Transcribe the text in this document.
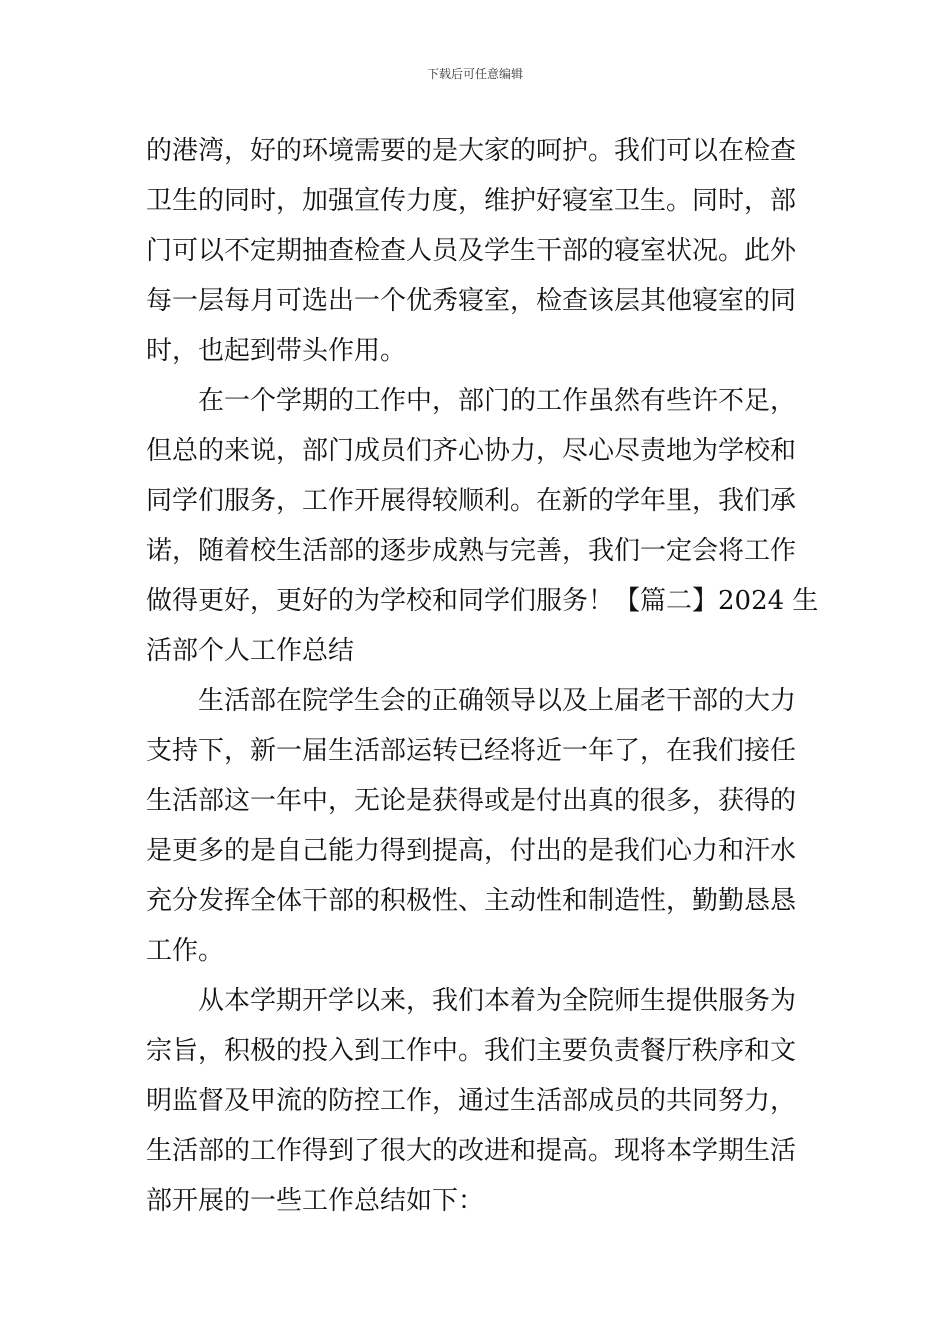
下载后可任意编辑
的港湾，好的环境需要的是大家的呵护。我们可以在检查
卫生的同时，加强宣传力度，维护好寝室卫生。同时，部
门可以不定期抽查检查人员及学生干部的寝室状况。此外
每一层每月可选出一个优秀寝室，检查该层其他寝室的同
时，也起到带头作用。
在一个学期的工作中，部门的工作虽然有些许不足，
但总的来说，部门成员们齐心协力，尽心尽责地为学校和
同学们服务，工作开展得较顺利。在新的学年里，我们承
诺，随着校生活部的逐步成熟与完善，我们一定会将工作
做得更好，更好的为学校和同学们服务！【篇二】2024 生
活部个人工作总结
生活部在院学生会的正确领导以及上届老干部的大力
支持下，新一届生活部运转已经将近一年了，在我们接任
生活部这一年中，无论是获得或是付出真的很多，获得的
是更多的是自己能力得到提高，付出的是我们心力和汗水
充分发挥全体干部的积极性、主动性和制造性，勤勤恳恳
工作。
从本学期开学以来，我们本着为全院师生提供服务为
宗旨，积极的投入到工作中。我们主要负责餐厅秩序和文
明监督及甲流的防控工作，通过生活部成员的共同努力，
生活部的工作得到了很大的改进和提高。现将本学期生活
部开展的一些工作总结如下：
